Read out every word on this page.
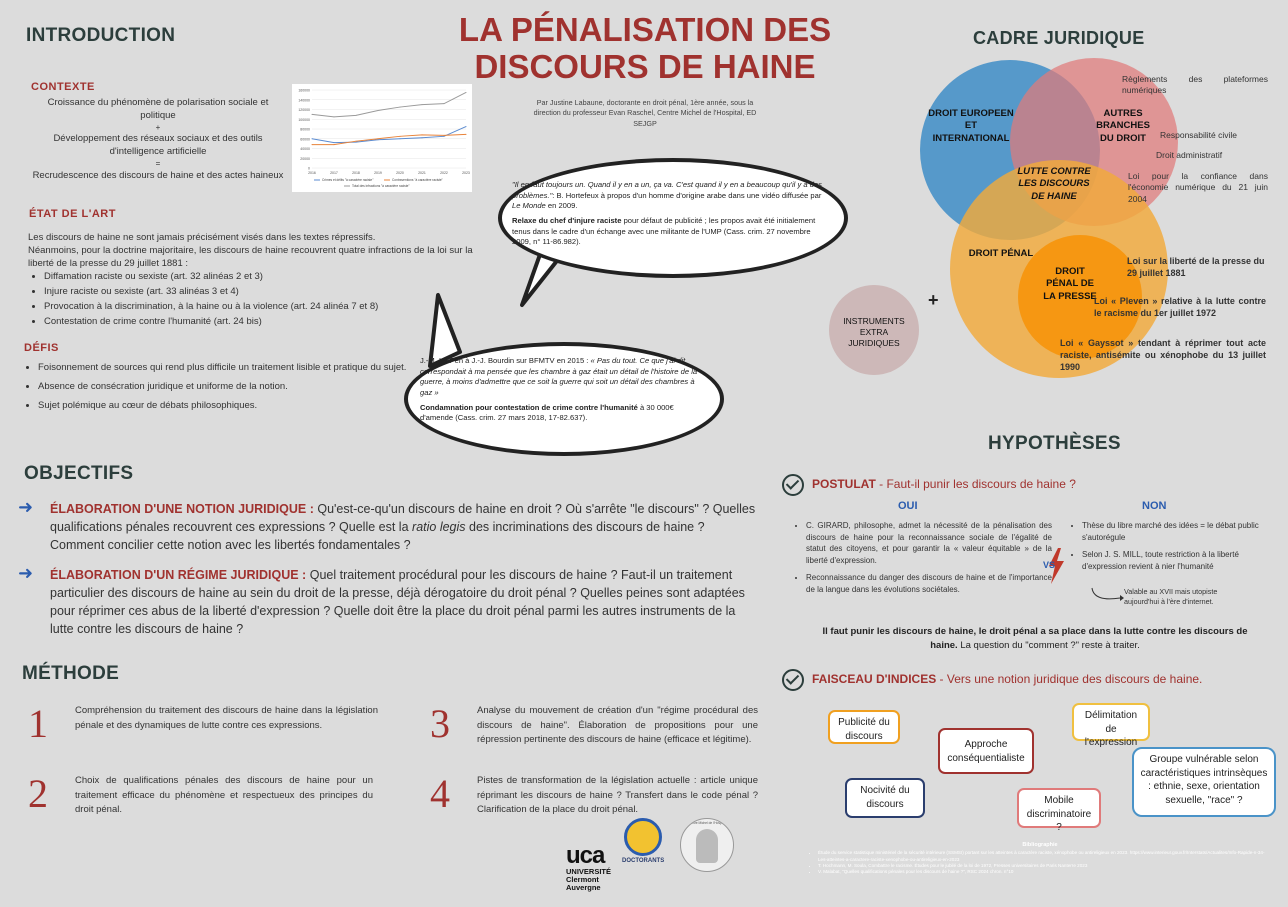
LA PÉNALISATION DES
DISCOURS DE HAINE
Par Justine Labaune, doctorante en droit pénal, 1ère année, sous la direction du professeur Evan Raschel, Centre Michel de l'Hospital, ED SEJGP
INTRODUCTION
CONTEXTE
Croissance du phénomène de polarisation sociale et politique
+
Développement des réseaux sociaux et des outils d'intelligence artificielle
=
Recrudescence des discours de haine et des actes haineux
160000
140000
120000
100000
80000
60000
40000
20000
0
2016	2017	2018	2019	2020	2021	2022	2023
Crimes et délits "à caractère raciste"	Contraventions "à caractère raciste"
Total des infractions "à caractère raciste"
ÉTAT DE L'ART
Les discours de haine ne sont jamais précisément visés dans les textes répressifs.
Néanmoins, pour la doctrine majoritaire, les discours de haine recouvrent quatre infractions de la loi sur la liberté de la presse du 29 juillet 1881 :
• Diffamation raciste ou sexiste (art. 32 alinéas 2 et 3)
• Injure raciste ou sexiste (art. 33 alinéas 3 et 4)
• Provocation à la discrimination, à la haine ou à la violence (art. 24 alinéa 7 et 8)
• Contestation de crime contre l'humanité (art. 24 bis)
DÉFIS
• Foisonnement de sources qui rend plus difficile un traitement lisible et pratique du sujet.
• Absence de consécration juridique et uniforme de la notion.
• Sujet polémique au cœur de débats philosophiques.
"Il en faut toujours un. Quand il y en a un, ça va. C'est quand il y en a beaucoup qu'il y a des problèmes.": B. Hortefeux à propos d'un homme d'origine arabe dans une vidéo diffusée par Le Monde en 2009.
Relaxe du chef d'injure raciste pour défaut de publicité ; les propos avait été initialement tenus dans le cadre d'un échange avec une militante de l'UMP (Cass. crim. 27 novembre 2009, n° 11-86.982).
J.-M. Le Pen à J.-J. Bourdin sur BFMTV en 2015 : « Pas du tout. Ce que j'ai dit correspondait à ma pensée que les chambre à gaz était un détail de l'histoire de la guerre, à moins d'admettre que ce soit la guerre qui soit un détail des chambres à gaz »
Condamnation pour contestation de crime contre l'humanité à 30 000€ d'amende (Cass. crim. 27 mars 2018, 17-82.637).
CADRE JURIDIQUE
DROIT EUROPEEN ET INTERNATIONAL
AUTRES BRANCHES DU DROIT
LUTTE CONTRE LES DISCOURS DE HAINE
DROIT PÉNAL
DROIT PÉNAL DE LA PRESSE
INSTRUMENTS EXTRA JURIDIQUES
+
Règlements des plateformes numériques
Responsabilité civile
Droit administratif
Loi pour la confiance dans l'économie numérique du 21 juin 2004
Loi sur la liberté de la presse du 29 juillet 1881
Loi « Pleven » relative à la lutte contre le racisme du 1er juillet 1972
Loi « Gayssot » tendant à réprimer tout acte raciste, antisémite ou xénophobe du 13 juillet 1990
OBJECTIFS
➜ ÉLABORATION D'UNE NOTION JURIDIQUE : Qu'est-ce-qu'un discours de haine en droit ? Où s'arrête "le discours" ? Quelles qualifications pénales recouvrent ces expressions ? Quelle est la ratio legis des incriminations des discours de haine ? Comment concilier cette notion avec les libertés fondamentales ?
➜ ÉLABORATION D'UN RÉGIME JURIDIQUE : Quel traitement procédural pour les discours de haine ? Faut-il un traitement particulier des discours de haine au sein du droit de la presse, déjà dérogatoire du droit pénal ? Quelles peines sont adaptées pour réprimer ces abus de la liberté d'expression ? Quelle doit être la place du droit pénal parmi les autres instruments de la lutte contre les discours de haine ?
MÉTHODE
1	Compréhension du traitement des discours de haine dans la législation pénale et des dynamiques de lutte contre ces expressions.
2	Choix de qualifications pénales des discours de haine pour un traitement efficace du phénomène et respectueux des principes du droit pénal.
3	Analyse du mouvement de création d'un "régime procédural des discours de haine". Élaboration de propositions pour une répression pertinente des discours de haine (efficace et légitime).
4	Pistes de transformation de la législation actuelle : article unique réprimant les discours de haine ? Transfert dans le code pénal ? Clarification de la place du droit pénal.
HYPOTHÈSES
POSTULAT - Faut-il punir les discours de haine ?
OUI	NON
• C. GIRARD, philosophe, admet la nécessité de la pénalisation des discours de haine pour la reconnaissance sociale de l'égalité de statut des citoyens, et pour garantir la « valeur équitable » de la liberté d'expression.
• Reconnaissance du danger des discours de haine et de l'importance de la langue dans les évolutions sociétales.
• Thèse du libre marché des idées = le débat public s'autorégule
• Selon J. S. MILL, toute restriction à la liberté d'expression revient à nier l'humanité
VS
Valable au XVII mais utopiste aujourd'hui à l'ère d'internet.
Il faut punir les discours de haine, le droit pénal a sa place dans la lutte contre les discours de haine. La question du "comment ?" reste à traiter.
FAISCEAU D'INDICES - Vers une notion juridique des discours de haine.
Publicité du discours
Délimitation de l'expression
Approche conséquentialiste	Groupe vulnérable selon caractéristiques intrinsèques : ethnie, sexe, orientation sexuelle, "race" ?
Nocivité du discours	Mobile discriminatoire ?
uca
UNIVERSITÉ Clermont Auvergne
DOCTORANTS
Centre Michel de l'Hospital
Bibliographie
• Étude du service statistique ministériel de la sécurité intérieure (SSMSI) portant sur les atteintes à caractère raciste, xénophobe ou antireligieux en 2023. https://www.interieur.gouv.fr/Interstats/Actualites/Info-Rapide-n-34-Les-atteintes-a-caractere-raciste-xenophobe-ou-antireligieux-en-2023
• T. Hochmann, M. Soula, Combattre le racisme. Études pour le jubilé de la loi de 1972, Presses universitaires de Paris Nanterre 2023
• V. Malabat, "Quelles qualifications pénales pour les discours de haine ?", RSC 2024 chron. n°10
